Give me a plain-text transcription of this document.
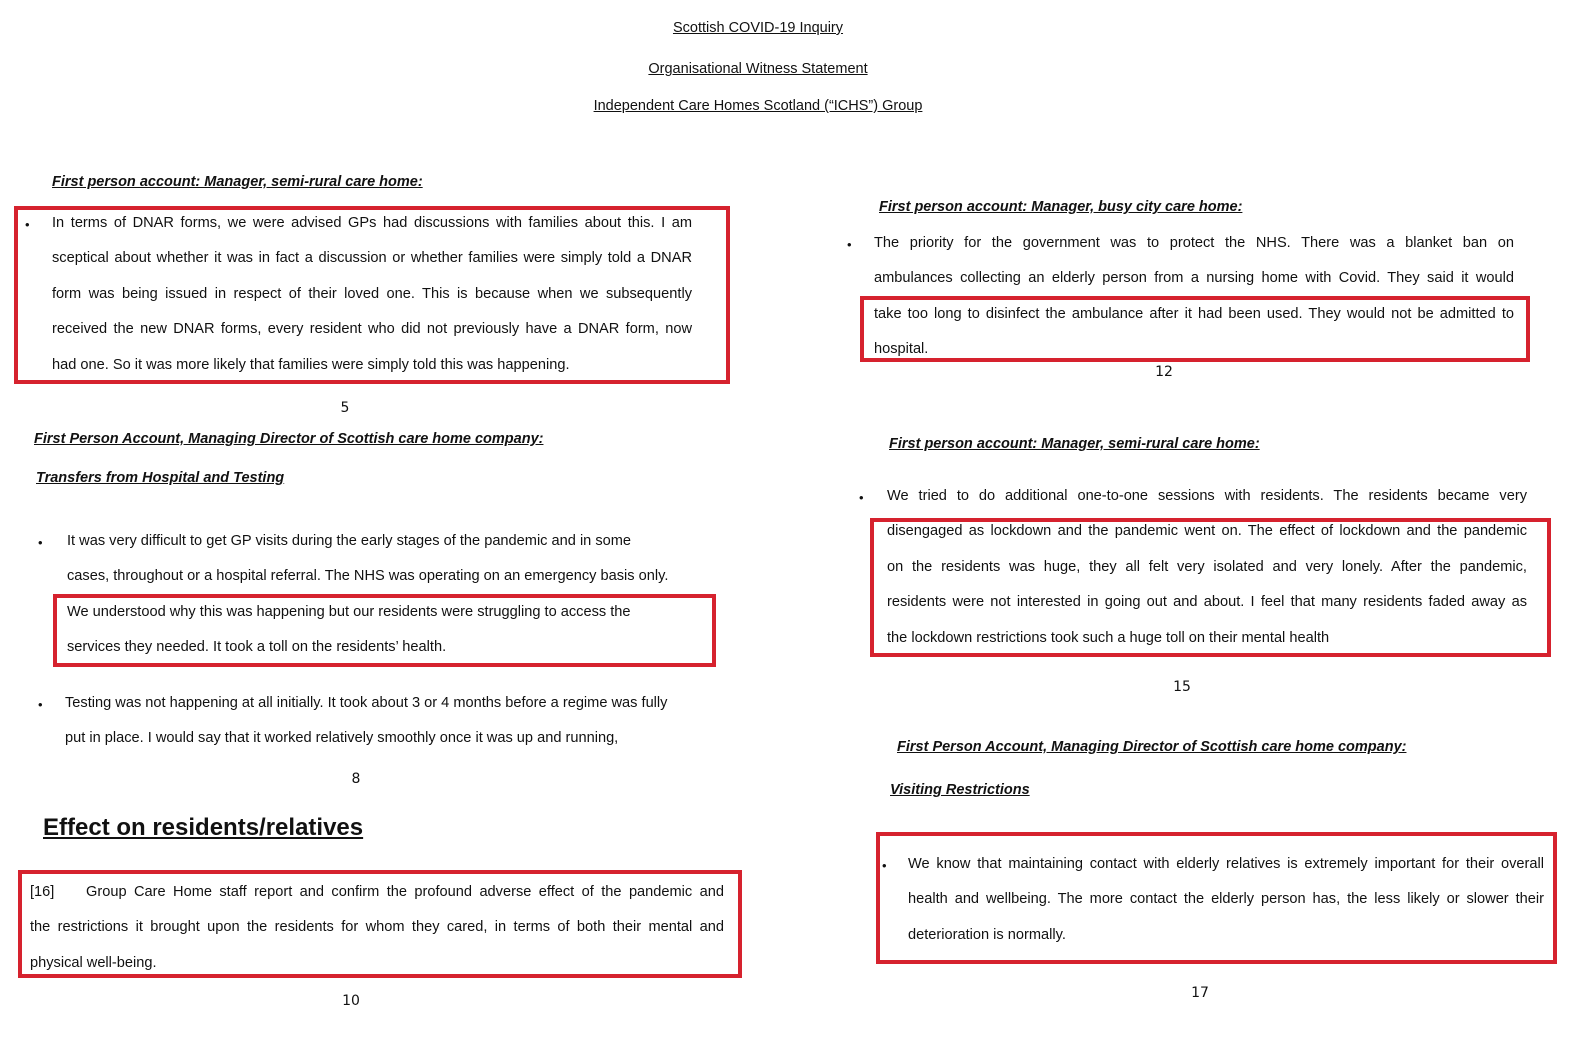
Scottish COVID-19 Inquiry
Organisational Witness Statement
Independent Care Homes Scotland (“ICHS”) Group
First person account: Manager, semi-rural care home:
• In terms of DNAR forms, we were advised GPs had discussions with families about this. I am
sceptical about whether it was in fact a discussion or whether families were simply told a DNAR
form was being issued in respect of their loved one. This is because when we subsequently
received the new DNAR forms, every resident who did not previously have a DNAR form, now
had one. So it was more likely that families were simply told this was happening.
5
First Person Account, Managing Director of Scottish care home company:
Transfers from Hospital and Testing
• It was very difficult to get GP visits during the early stages of the pandemic and in some
cases, throughout or a hospital referral. The NHS was operating on an emergency basis only.
We understood why this was happening but our residents were struggling to access the
services they needed. It took a toll on the residents’ health.
• Testing was not happening at all initially. It took about 3 or 4 months before a regime was fully
put in place. I would say that it worked relatively smoothly once it was up and running,
8
Effect on residents/relatives
[16] Group Care Home staff report and confirm the profound adverse effect of the pandemic and
the restrictions it brought upon the residents for whom they cared, in terms of both their mental and
physical well-being.
10
First person account: Manager, busy city care home:
• The priority for the government was to protect the NHS. There was a blanket ban on
ambulances collecting an elderly person from a nursing home with Covid. They said it would
take too long to disinfect the ambulance after it had been used. They would not be admitted to
hospital.
12
First person account: Manager, semi-rural care home:
• We tried to do additional one-to-one sessions with residents. The residents became very
disengaged as lockdown and the pandemic went on. The effect of lockdown and the pandemic
on the residents was huge, they all felt very isolated and very lonely. After the pandemic,
residents were not interested in going out and about. I feel that many residents faded away as
the lockdown restrictions took such a huge toll on their mental health
15
First Person Account, Managing Director of Scottish care home company:
Visiting Restrictions
• We know that maintaining contact with elderly relatives is extremely important for their overall
health and wellbeing. The more contact the elderly person has, the less likely or slower their
deterioration is normally.
17
